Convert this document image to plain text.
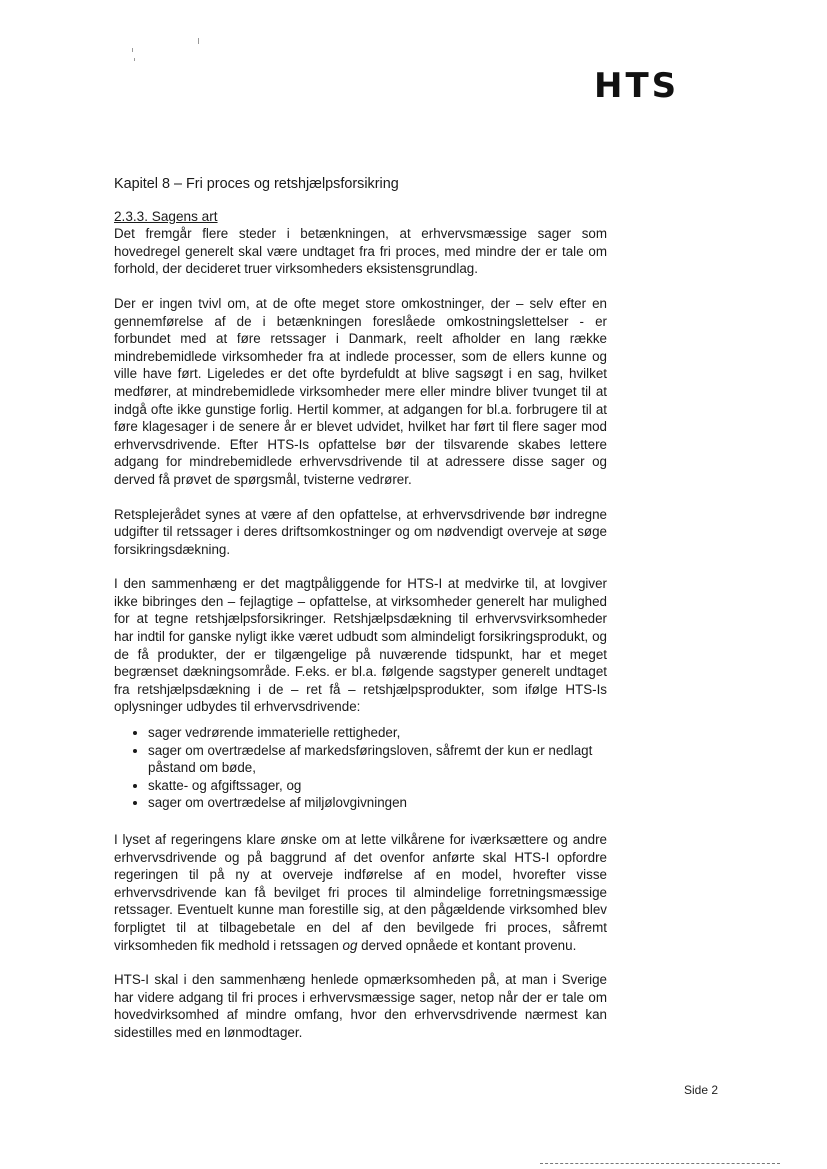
HTS
Kapitel 8 – Fri proces og retshjælpsforsikring
2.3.3. Sagens art

Det fremgår flere steder i betænkningen, at erhvervsmæssige sager som hovedregel generelt skal være undtaget fra fri proces, med mindre der er tale om forhold, der decideret truer virksomheders eksistensgrundlag.

Der er ingen tvivl om, at de ofte meget store omkostninger, der – selv efter en gennemførelse af de i betænkningen foreslåede omkostningslettelser - er forbundet med at føre retssager i Danmark, reelt afholder en lang række mindrebemidlede virksomheder fra at indlede processer, som de ellers kunne og ville have ført. Ligeledes er det ofte byrdefuldt at blive sagsøgt i en sag, hvilket medfører, at mindrebemidlede virksomheder mere eller mindre bliver tvunget til at indgå ofte ikke gunstige forlig. Hertil kommer, at adgangen for bl.a. forbrugere til at føre klagesager i de senere år er blevet udvidet, hvilket har ført til flere sager mod erhvervsdrivende. Efter HTS-Is opfattelse bør der tilsvarende skabes lettere adgang for mindrebemidlede erhvervsdrivende til at adressere disse sager og derved få prøvet de spørgsmål, tvisterne vedrører.

Retsplejerådet synes at være af den opfattelse, at erhvervsdrivende bør indregne udgifter til retssager i deres driftsomkostninger og om nødvendigt overveje at søge forsikringsdækning.

I den sammenhæng er det magtpåliggende for HTS-I at medvirke til, at lovgiver ikke bibringes den – fejlagtige – opfattelse, at virksomheder generelt har mulighed for at tegne retshjælpsforsikringer. Retshjælpsdækning til erhvervsvirksomheder har indtil for ganske nyligt ikke været udbudt som almindeligt forsikringsprodukt, og de få produkter, der er tilgængelige på nuværende tidspunkt, har et meget begrænset dækningsområde. F.eks. er bl.a. følgende sagstyper generelt undtaget fra retshjælpsdækning i de – ret få – retshjælpsprodukter, som ifølge HTS-Is oplysninger udbydes til erhvervsdrivende:

• sager vedrørende immaterielle rettigheder,
• sager om overtrædelse af markedsføringsloven, såfremt der kun er nedlagt påstand om bøde,
• skatte- og afgiftssager, og
• sager om overtrædelse af miljølovgivningen

I lyset af regeringens klare ønske om at lette vilkårene for iværksættere og andre erhvervsdrivende og på baggrund af det ovenfor anførte skal HTS-I opfordre regeringen til på ny at overveje indførelse af en model, hvorefter visse erhvervsdrivende kan få bevilget fri proces til almindelige forretningsmæssige retssager. Eventuelt kunne man forestille sig, at den pågældende virksomhed blev forpligtet til at tilbagebetale en del af den bevilgede fri proces, såfremt virksomheden fik medhold i retssagen og derved opnåede et kontant provenu.

HTS-I skal i den sammenhæng henlede opmærksomheden på, at man i Sverige har videre adgang til fri proces i erhvervsmæssige sager, netop når der er tale om hovedvirksomhed af mindre omfang, hvor den erhvervsdrivende nærmest kan sidestilles med en lønmodtager.

Side 2
